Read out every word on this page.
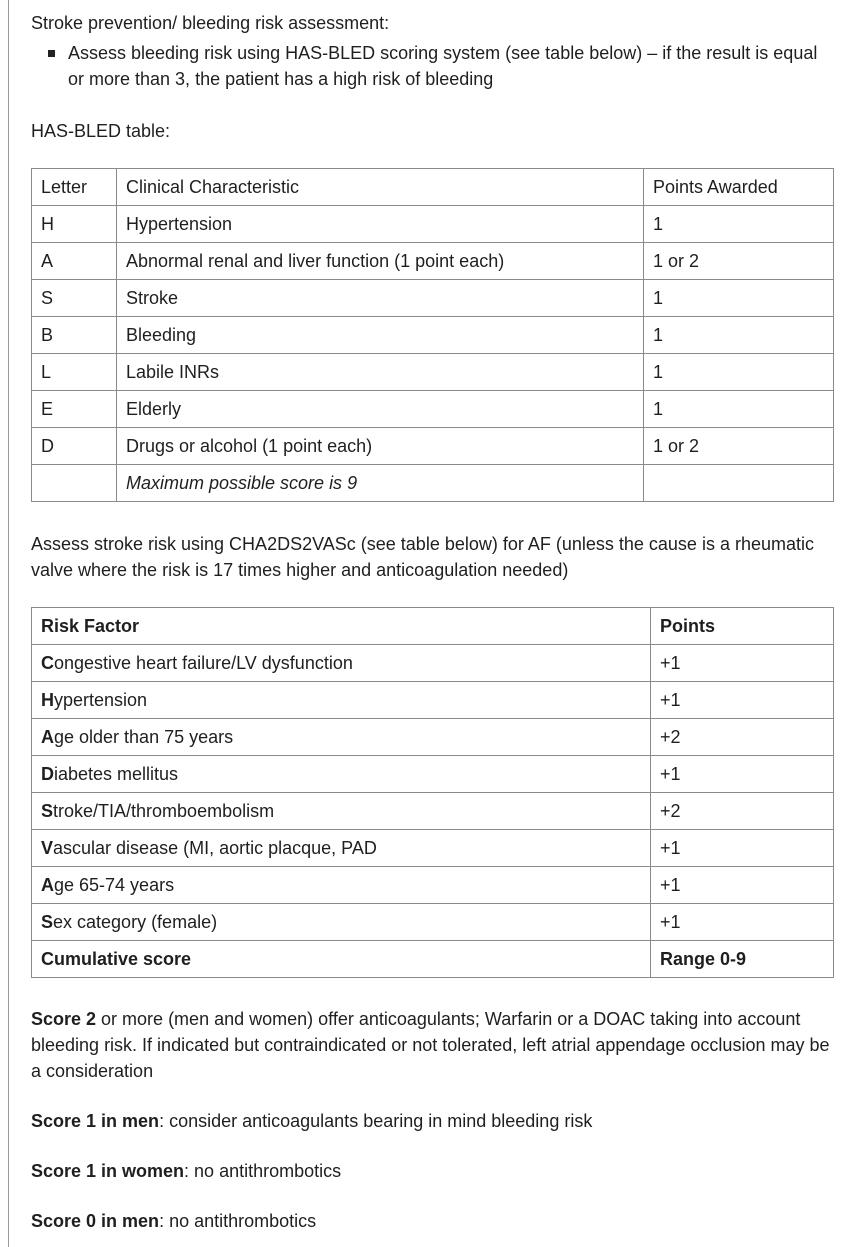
Stroke prevention/ bleeding risk assessment:

Assess bleeding risk using HAS-BLED scoring system (see table below) – if the result is equal or more than 3, the patient has a high risk of bleeding

HAS-BLED table:

Letter	Clinical Characteristic	Points Awarded
H	Hypertension	1
A	Abnormal renal and liver function (1 point each)	1 or 2
S	Stroke	1
B	Bleeding	1
L	Labile INRs	1
E	Elderly	1
D	Drugs or alcohol (1 point each)	1 or 2
	Maximum possible score is 9	

Assess stroke risk using CHA2DS2VASc (see table below) for AF (unless the cause is a rheumatic valve where the risk is 17 times higher and anticoagulation needed)

Risk Factor	Points
Congestive heart failure/LV dysfunction	+1
Hypertension	+1
Age older than 75 years	+2
Diabetes mellitus	+1
Stroke/TIA/thromboembolism	+2
Vascular disease (MI, aortic placque, PAD	+1
Age 65-74 years	+1
Sex category (female)	+1
Cumulative score	Range 0-9

Score 2 or more (men and women) offer anticoagulants; Warfarin or a DOAC taking into account bleeding risk. If indicated but contraindicated or not tolerated, left atrial appendage occlusion may be a consideration

Score 1 in men: consider anticoagulants bearing in mind bleeding risk

Score 1 in women: no antithrombotics

Score 0 in men: no antithrombotics
